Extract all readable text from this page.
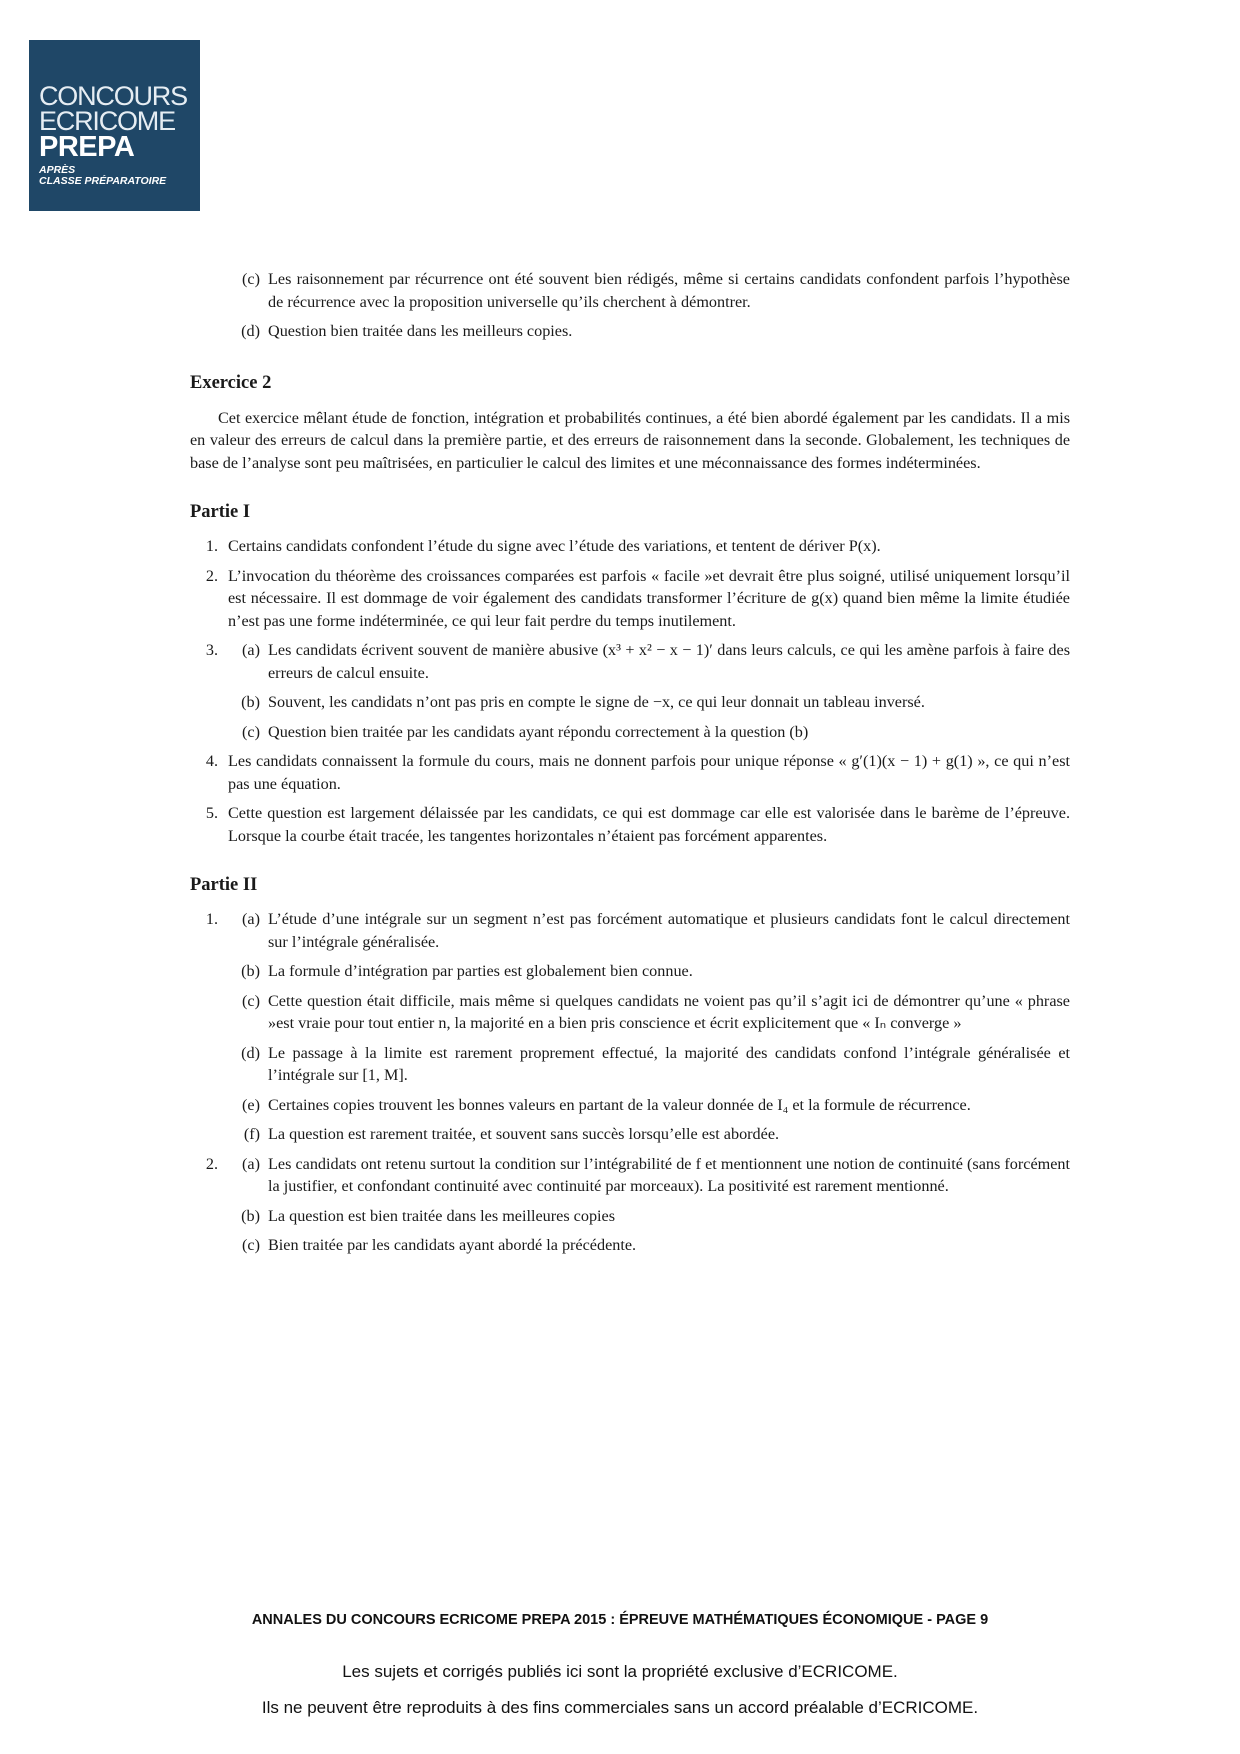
CONCOURS
ECRICOME
PREPA
APRÈS
CLASSE PRÉPARATOIRE
(c) Les raisonnement par récurrence ont été souvent bien rédigés, même si certains candidats confondent parfois l’hypothèse de récurrence avec la proposition universelle qu’ils cherchent à démontrer.
(d) Question bien traitée dans les meilleurs copies.
Exercice 2

Cet exercice mêlant étude de fonction, intégration et probabilités continues, a été bien abordé également par les candidats. Il a mis en valeur des erreurs de calcul dans la première partie, et des erreurs de raisonnement dans la seconde. Globalement, les techniques de base de l’analyse sont peu maîtrisées, en particulier le calcul des limites et une méconnaissance des formes indéterminées.

Partie I
1. Certains candidats confondent l’étude du signe avec l’étude des variations, et tentent de dériver P(x).
2. L’invocation du théorème des croissances comparées est parfois « facile »et devrait être plus soigné, utilisé uniquement lorsqu’il est nécessaire. Il est dommage de voir également des candidats transformer l’écriture de g(x) quand bien même la limite étudiée n’est pas une forme indéterminée, ce qui leur fait perdre du temps inutilement.
3.	(a) Les candidats écrivent souvent de manière abusive (x³ + x² − x − 1)′ dans leurs calculs, ce qui les amène parfois à faire des erreurs de calcul ensuite.
(b) Souvent, les candidats n’ont pas pris en compte le signe de −x, ce qui leur donnait un tableau inversé.
(c) Question bien traitée par les candidats ayant répondu correctement à la question (b)
4. Les candidats connaissent la formule du cours, mais ne donnent parfois pour unique réponse « g′(1)(x − 1) + g(1) », ce qui n’est pas une équation.
5. Cette question est largement délaissée par les candidats, ce qui est dommage car elle est valorisée dans le barème de l’épreuve. Lorsque la courbe était tracée, les tangentes horizontales n’étaient pas forcément apparentes.
Partie II
1.	(a) L’étude d’une intégrale sur un segment n’est pas forcément automatique et plusieurs candidats font le calcul directement sur l’intégrale généralisée.
(b) La formule d’intégration par parties est globalement bien connue.
(c) Cette question était difficile, mais même si quelques candidats ne voient pas qu’il s’agit ici de démontrer qu’une « phrase »est vraie pour tout entier n, la majorité en a bien pris conscience et écrit explicitement que « Iₙ converge »
(d) Le passage à la limite est rarement proprement effectué, la majorité des candidats confond l’intégrale généralisée et l’intégrale sur [1, M].
(e) Certaines copies trouvent les bonnes valeurs en partant de la valeur donnée de I₄ et la formule de récurrence.
(f) La question est rarement traitée, et souvent sans succès lorsqu’elle est abordée.
2.	(a) Les candidats ont retenu surtout la condition sur l’intégrabilité de f et mentionnent une notion de continuité (sans forcément la justifier, et confondant continuité avec continuité par morceaux). La positivité est rarement mentionné.
(b) La question est bien traitée dans les meilleures copies
(c) Bien traitée par les candidats ayant abordé la précédente.
ANNALES DU CONCOURS ECRICOME PREPA 2015 : ÉPREUVE MATHÉMATIQUES ÉCONOMIQUE - PAGE 9
Les sujets et corrigés publiés ici sont la propriété exclusive d’ECRICOME.
Ils ne peuvent être reproduits à des fins commerciales sans un accord préalable d’ECRICOME.
